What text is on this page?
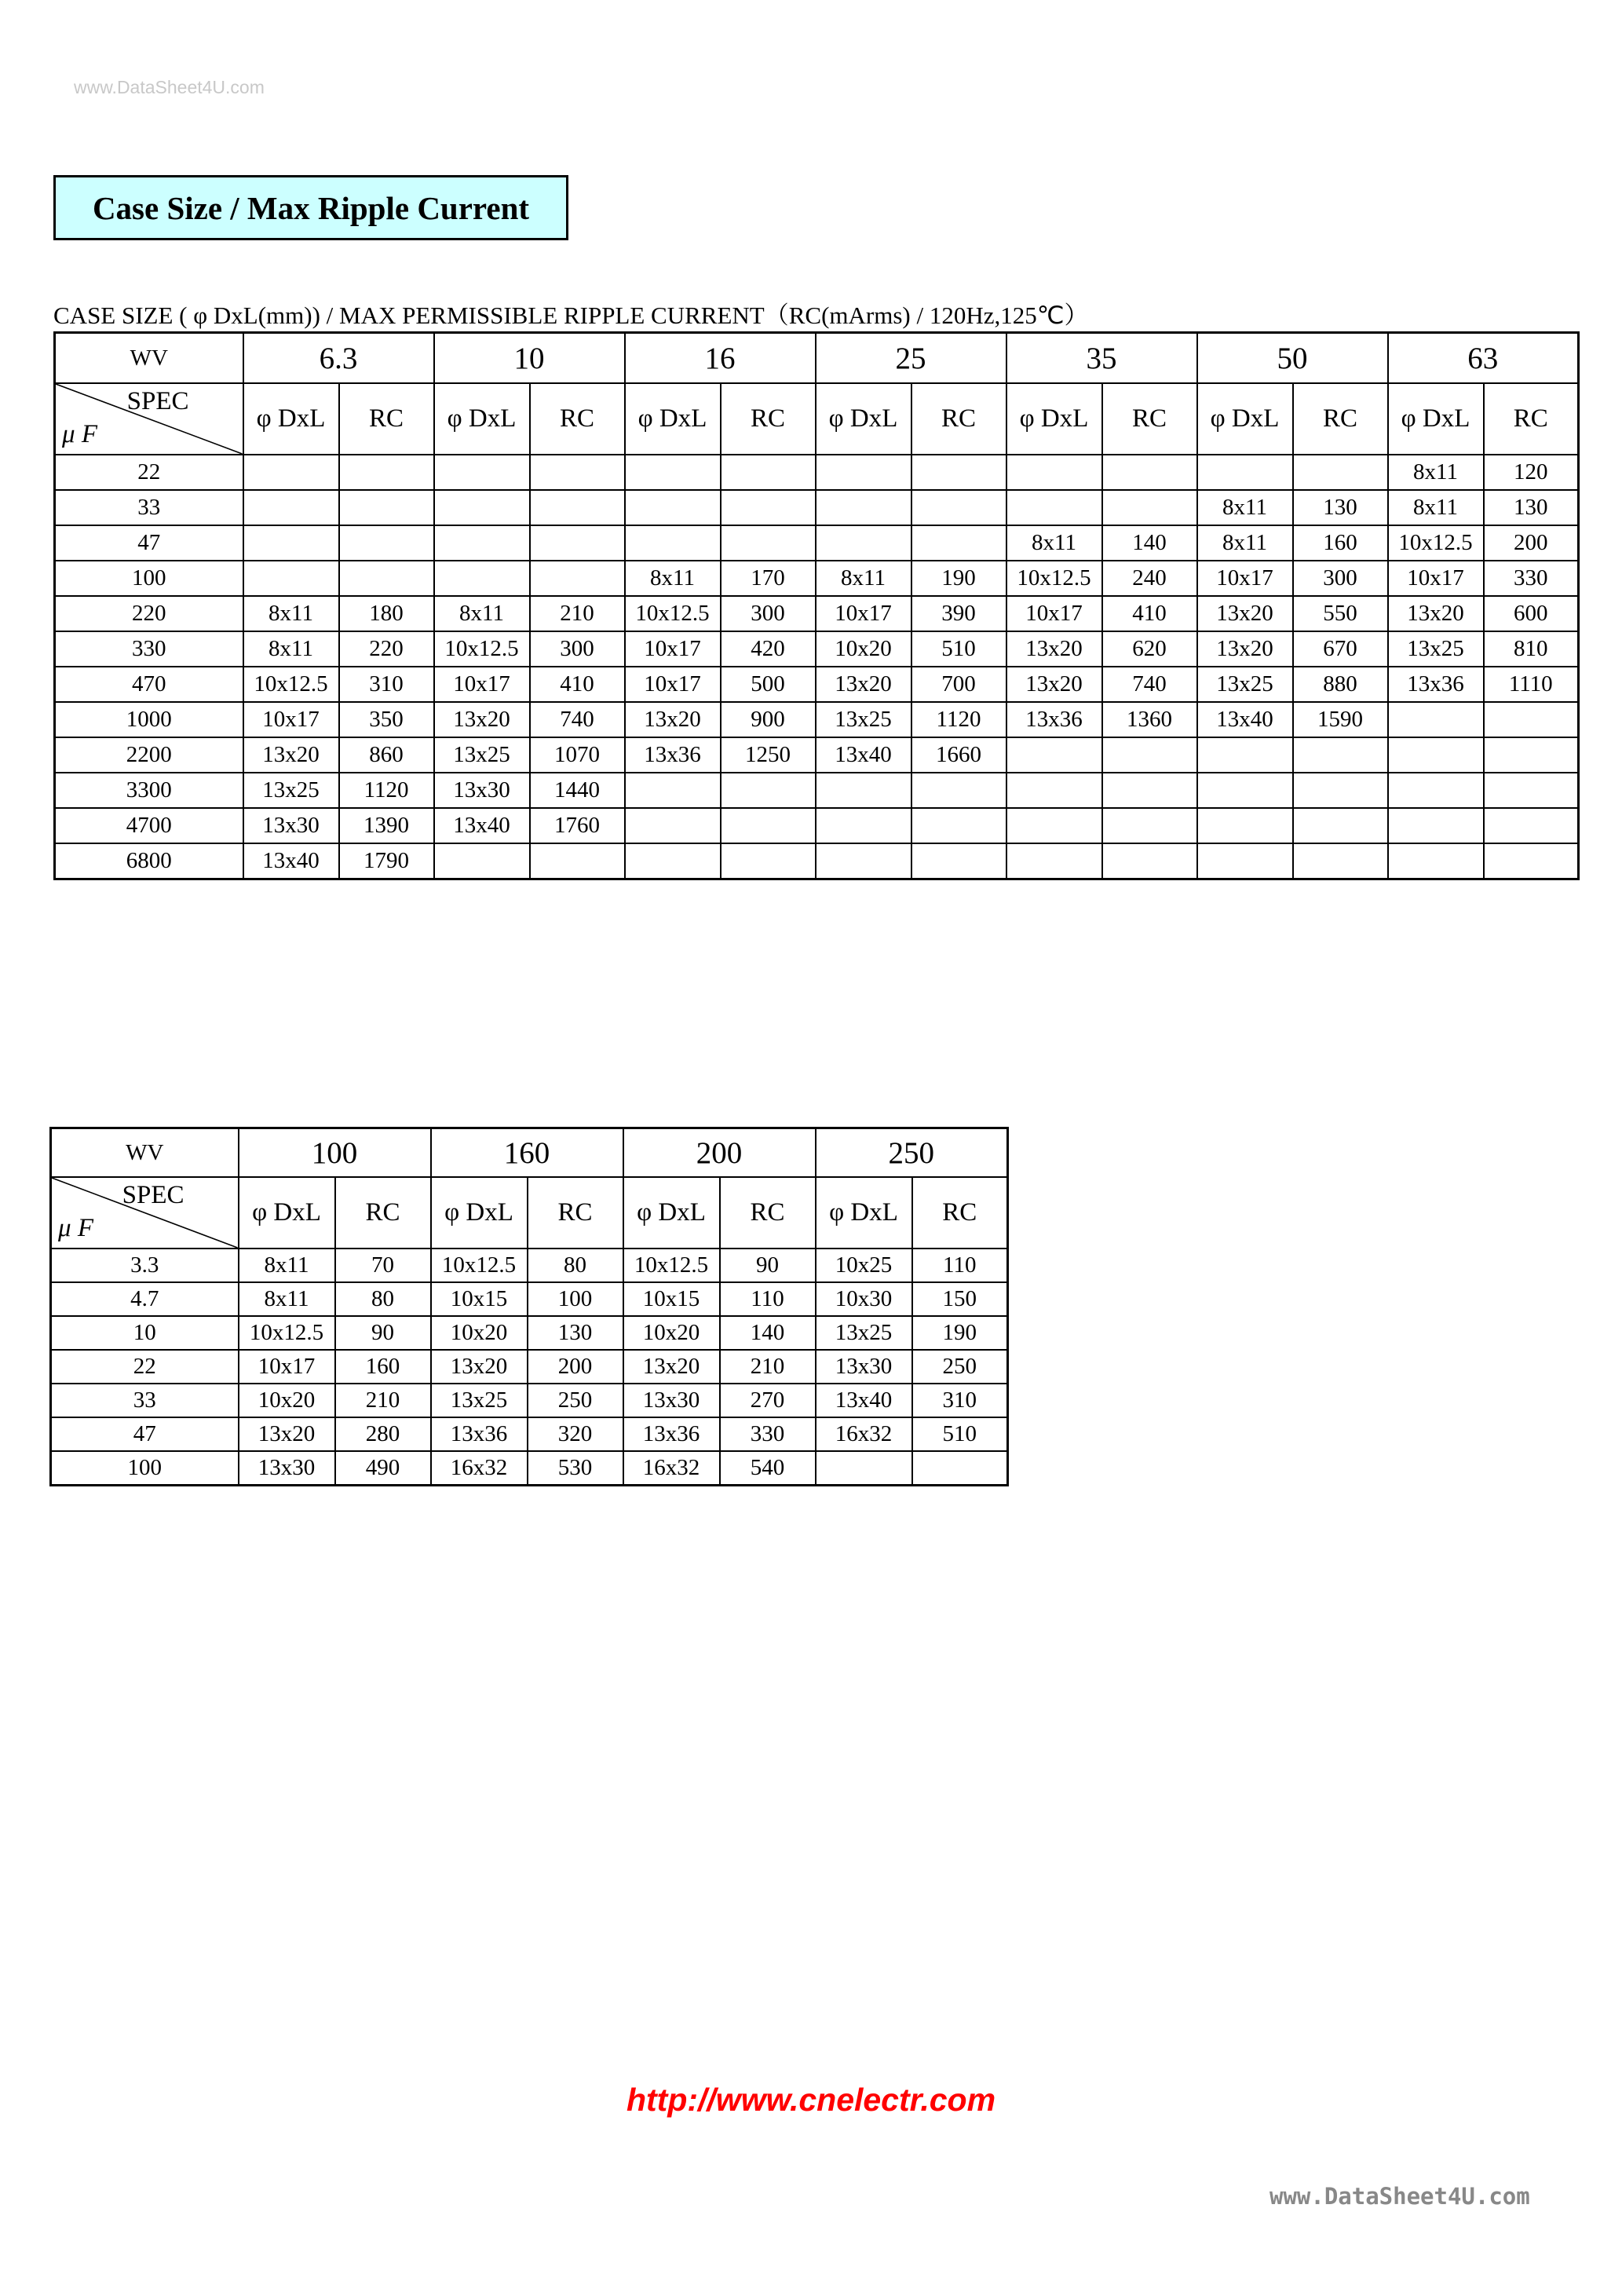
www.DataSheet4U.com
Case Size / Max Ripple Current
CASE SIZE ( φ DxL(mm)) / MAX PERMISSIBLE RIPPLE CURRENT（RC(mArms) / 120Hz,125℃）
WV	6.3		10		16		25		35		50		63	

SPEC
μ F	φ DxL	RC	φ DxL	RC	φ DxL	RC	φ DxL	RC	φ DxL	RC	φ DxL	RC	φ DxL	RC
22													8x11	120
33											8x11	130	8x11	130
47									8x11	140	8x11	160	10x12.5	200
100					8x11	170	8x11	190	10x12.5	240	10x17	300	10x17	330
220	8x11	180	8x11	210	10x12.5	300	10x17	390	10x17	410	13x20	550	13x20	600
330	8x11	220	10x12.5	300	10x17	420	10x20	510	13x20	620	13x20	670	13x25	810
470	10x12.5	310	10x17	410	10x17	500	13x20	700	13x20	740	13x25	880	13x36	1110
1000	10x17	350	13x20	740	13x20	900	13x25	1120	13x36	1360	13x40	1590		
2200	13x20	860	13x25	1070	13x36	1250	13x40	1660						
3300	13x25	1120	13x30	1440										
4700	13x30	1390	13x40	1760										
6800	13x40	1790												
WV	100		160		200		250	

SPEC
μ F	φ DxL	RC	φ DxL	RC	φ DxL	RC	φ DxL	RC
3.3	8x11	70	10x12.5	80	10x12.5	90	10x25	110
4.7	8x11	80	10x15	100	10x15	110	10x30	150
10	10x12.5	90	10x20	130	10x20	140	13x25	190
22	10x17	160	13x20	200	13x20	210	13x30	250
33	10x20	210	13x25	250	13x30	270	13x40	310
47	13x20	280	13x36	320	13x36	330	16x32	510
100	13x30	490	16x32	530	16x32	540		
http://www.cnelectr.com
www.DataSheet4U.com
